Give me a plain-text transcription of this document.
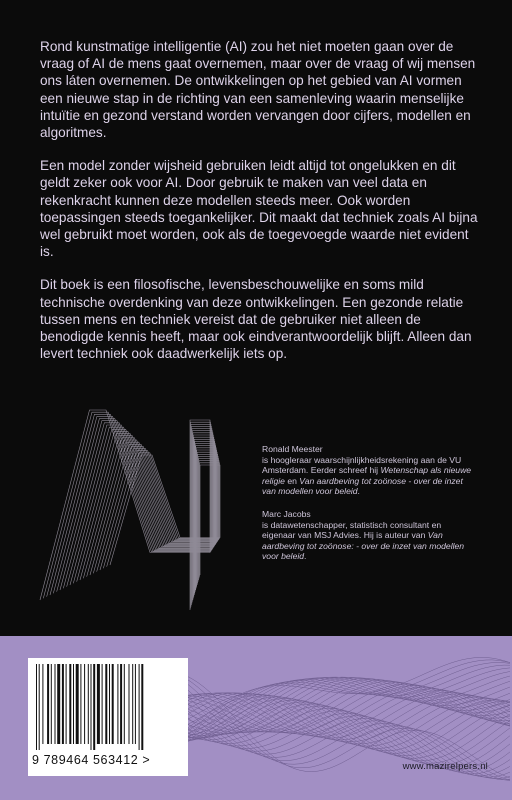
Rond kunstmatige intelligentie (AI) zou het niet moeten gaan over de vraag of AI de mens gaat overnemen, maar over de vraag of wij mensen ons láten overnemen. De ontwikkelingen op het gebied van AI vormen een nieuwe stap in de richting van een samenleving waarin menselijke intuïtie en gezond verstand worden vervangen door cijfers, modellen en algoritmes.

Een model zonder wijsheid gebruiken leidt altijd tot ongelukken en dit geldt zeker ook voor AI. Door gebruik te maken van veel data en rekenkracht kunnen deze modellen steeds meer. Ook worden toepassingen steeds toegankelijker. Dit maakt dat techniek zoals AI bijna wel gebruikt moet worden, ook als de toegevoegde waarde niet evident is.

Dit boek is een filosofische, levensbeschouwelijke en soms mild technische overdenking van deze ontwikkelingen. Een gezonde relatie tussen mens en techniek vereist dat de gebruiker niet alleen de benodigde kennis heeft, maar ook eindverantwoordelijk blijft. Alleen dan levert techniek ook daadwerkelijk iets op.

Ronald Meester
is hoogleraar waarschijnlijkheidsrekening aan de VU Amsterdam. Eerder schreef hij Wetenschap als nieuwe religie en Van aardbeving tot zoönose - over de inzet van modellen voor beleid.
Marc Jacobs
is datawetenschapper, statistisch consultant en eigenaar van MSJ Advies. Hij is auteur van Van aardbeving tot zoönose: - over de inzet van modellen voor beleid.
9 789464 563412 >	www.mazirelpers.nl
